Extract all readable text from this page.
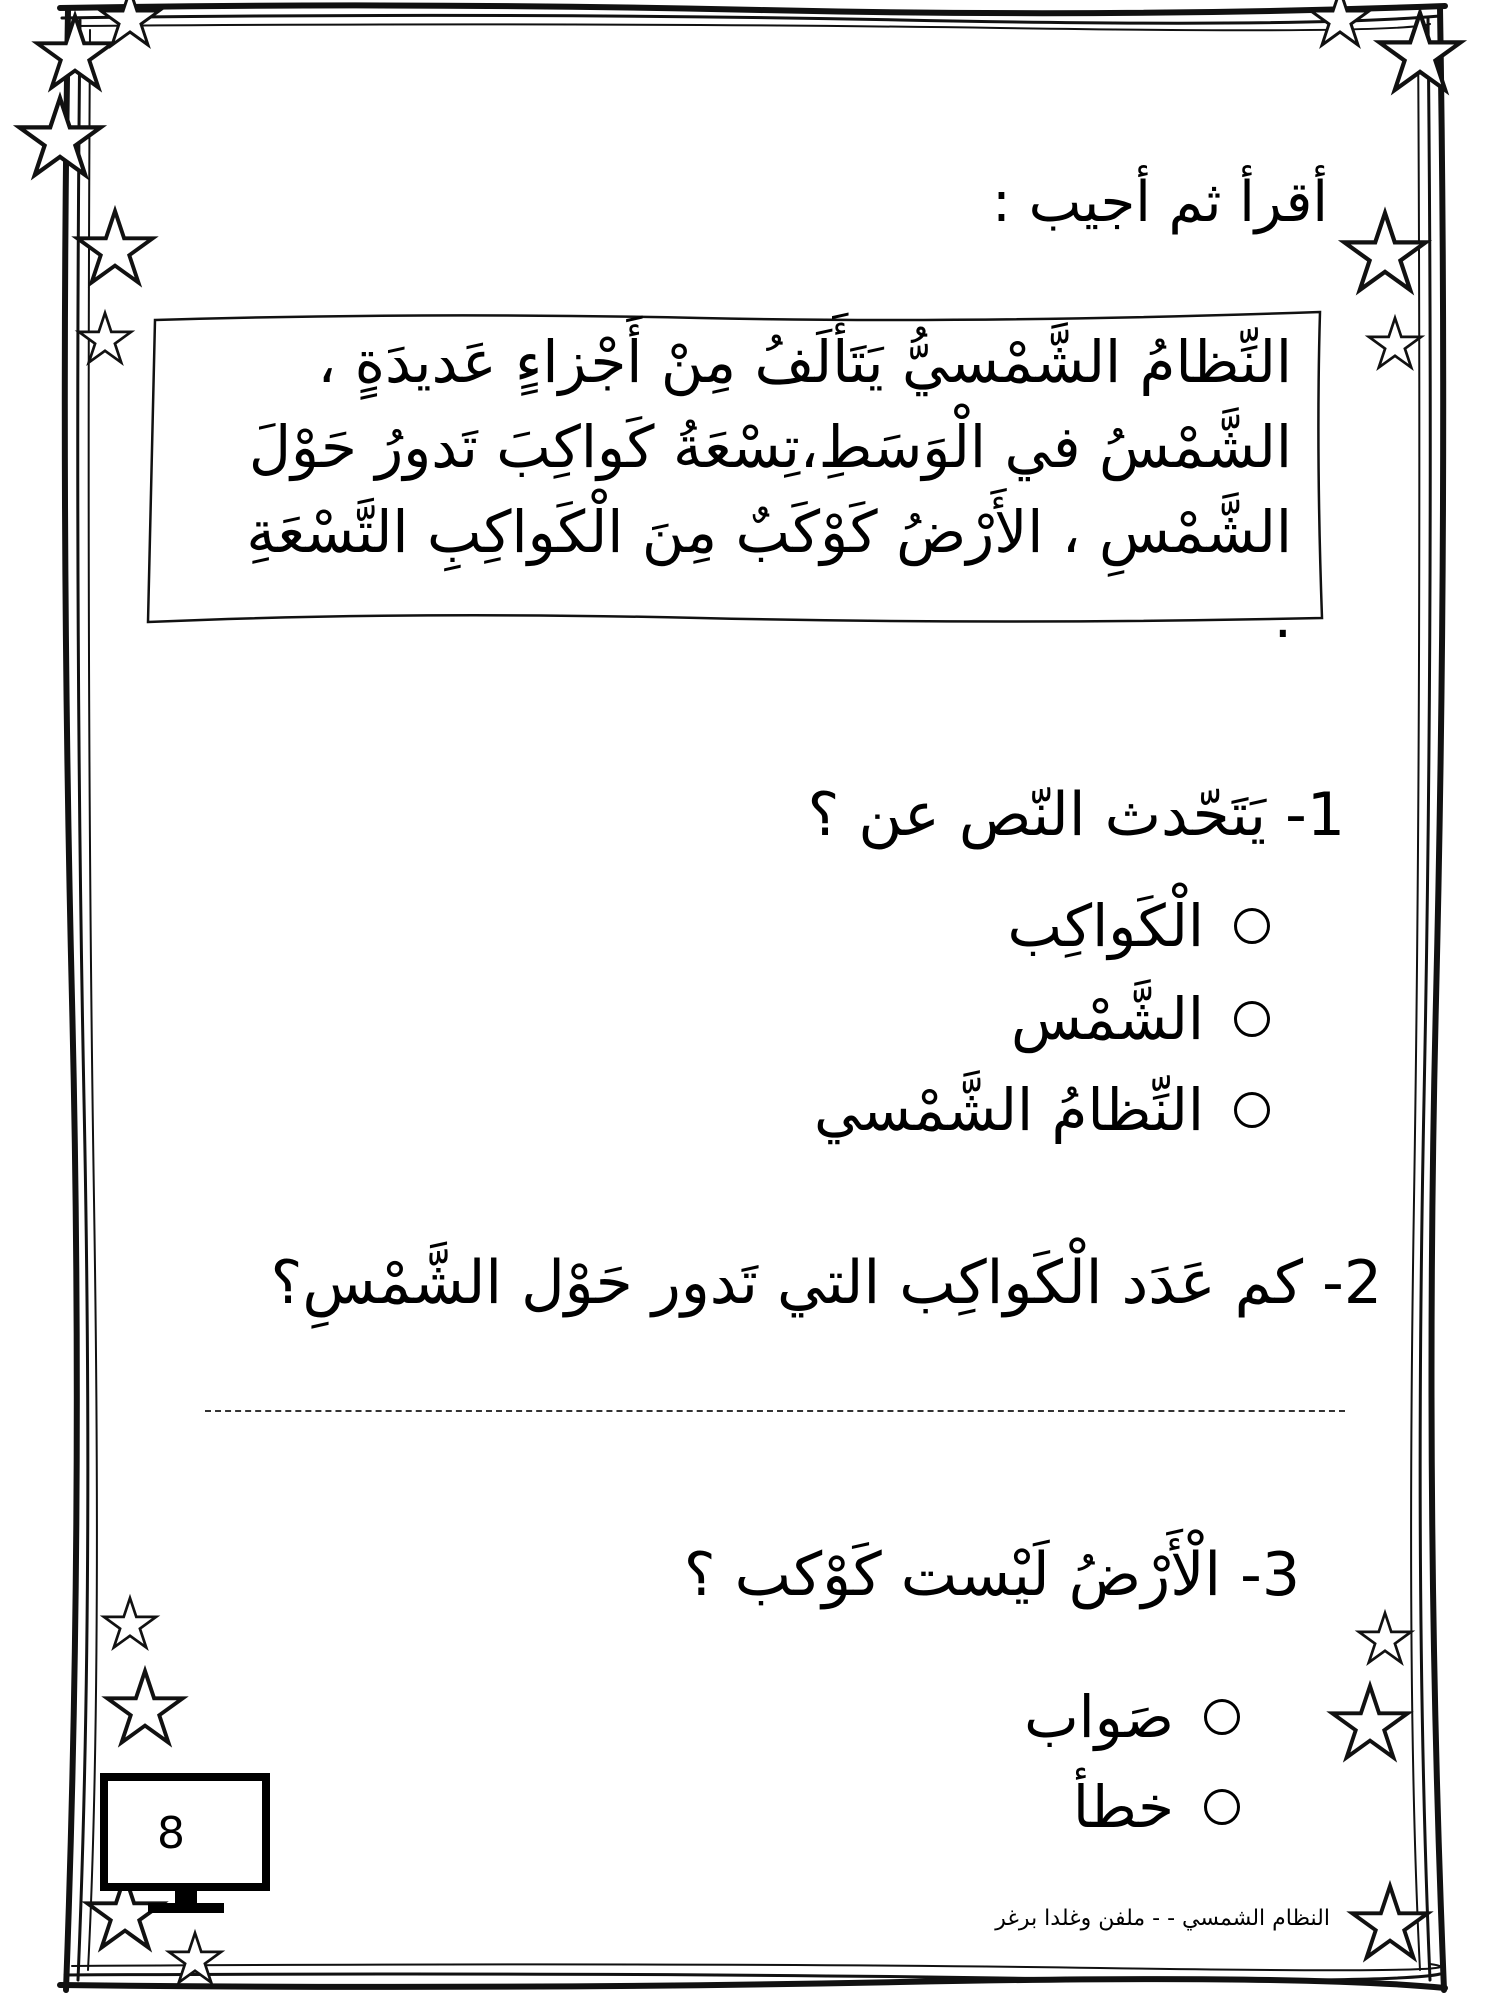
أقرأ ثم أجيب :
النِّظامُ الشَّمْسيُّ يَتَأَلَفُ مِنْ أَجْزاءٍ عَديدَةٍ ، الشَّمْسُ في الْوَسَطِ،تِسْعَةُ كَواكِبَ تَدورُ حَوْلَ الشَّمْسِ ، الأَرْضُ كَوْكَبٌ مِنَ الْكَواكِبِ التَّسْعَةِ .
1- يَتَحّدث النّص عن ؟
الْكَواكِب
الشَّمْس
النِّظامُ الشَّمْسي
2- كم عَدَد الْكَواكِب التي تَدور حَوْل الشَّمْسِ؟
3- الْأَرْضُ لَيْست كَوْكب ؟
صَواب
خطأ
8
النظام الشمسي - - ملفن وغلدا برغر
